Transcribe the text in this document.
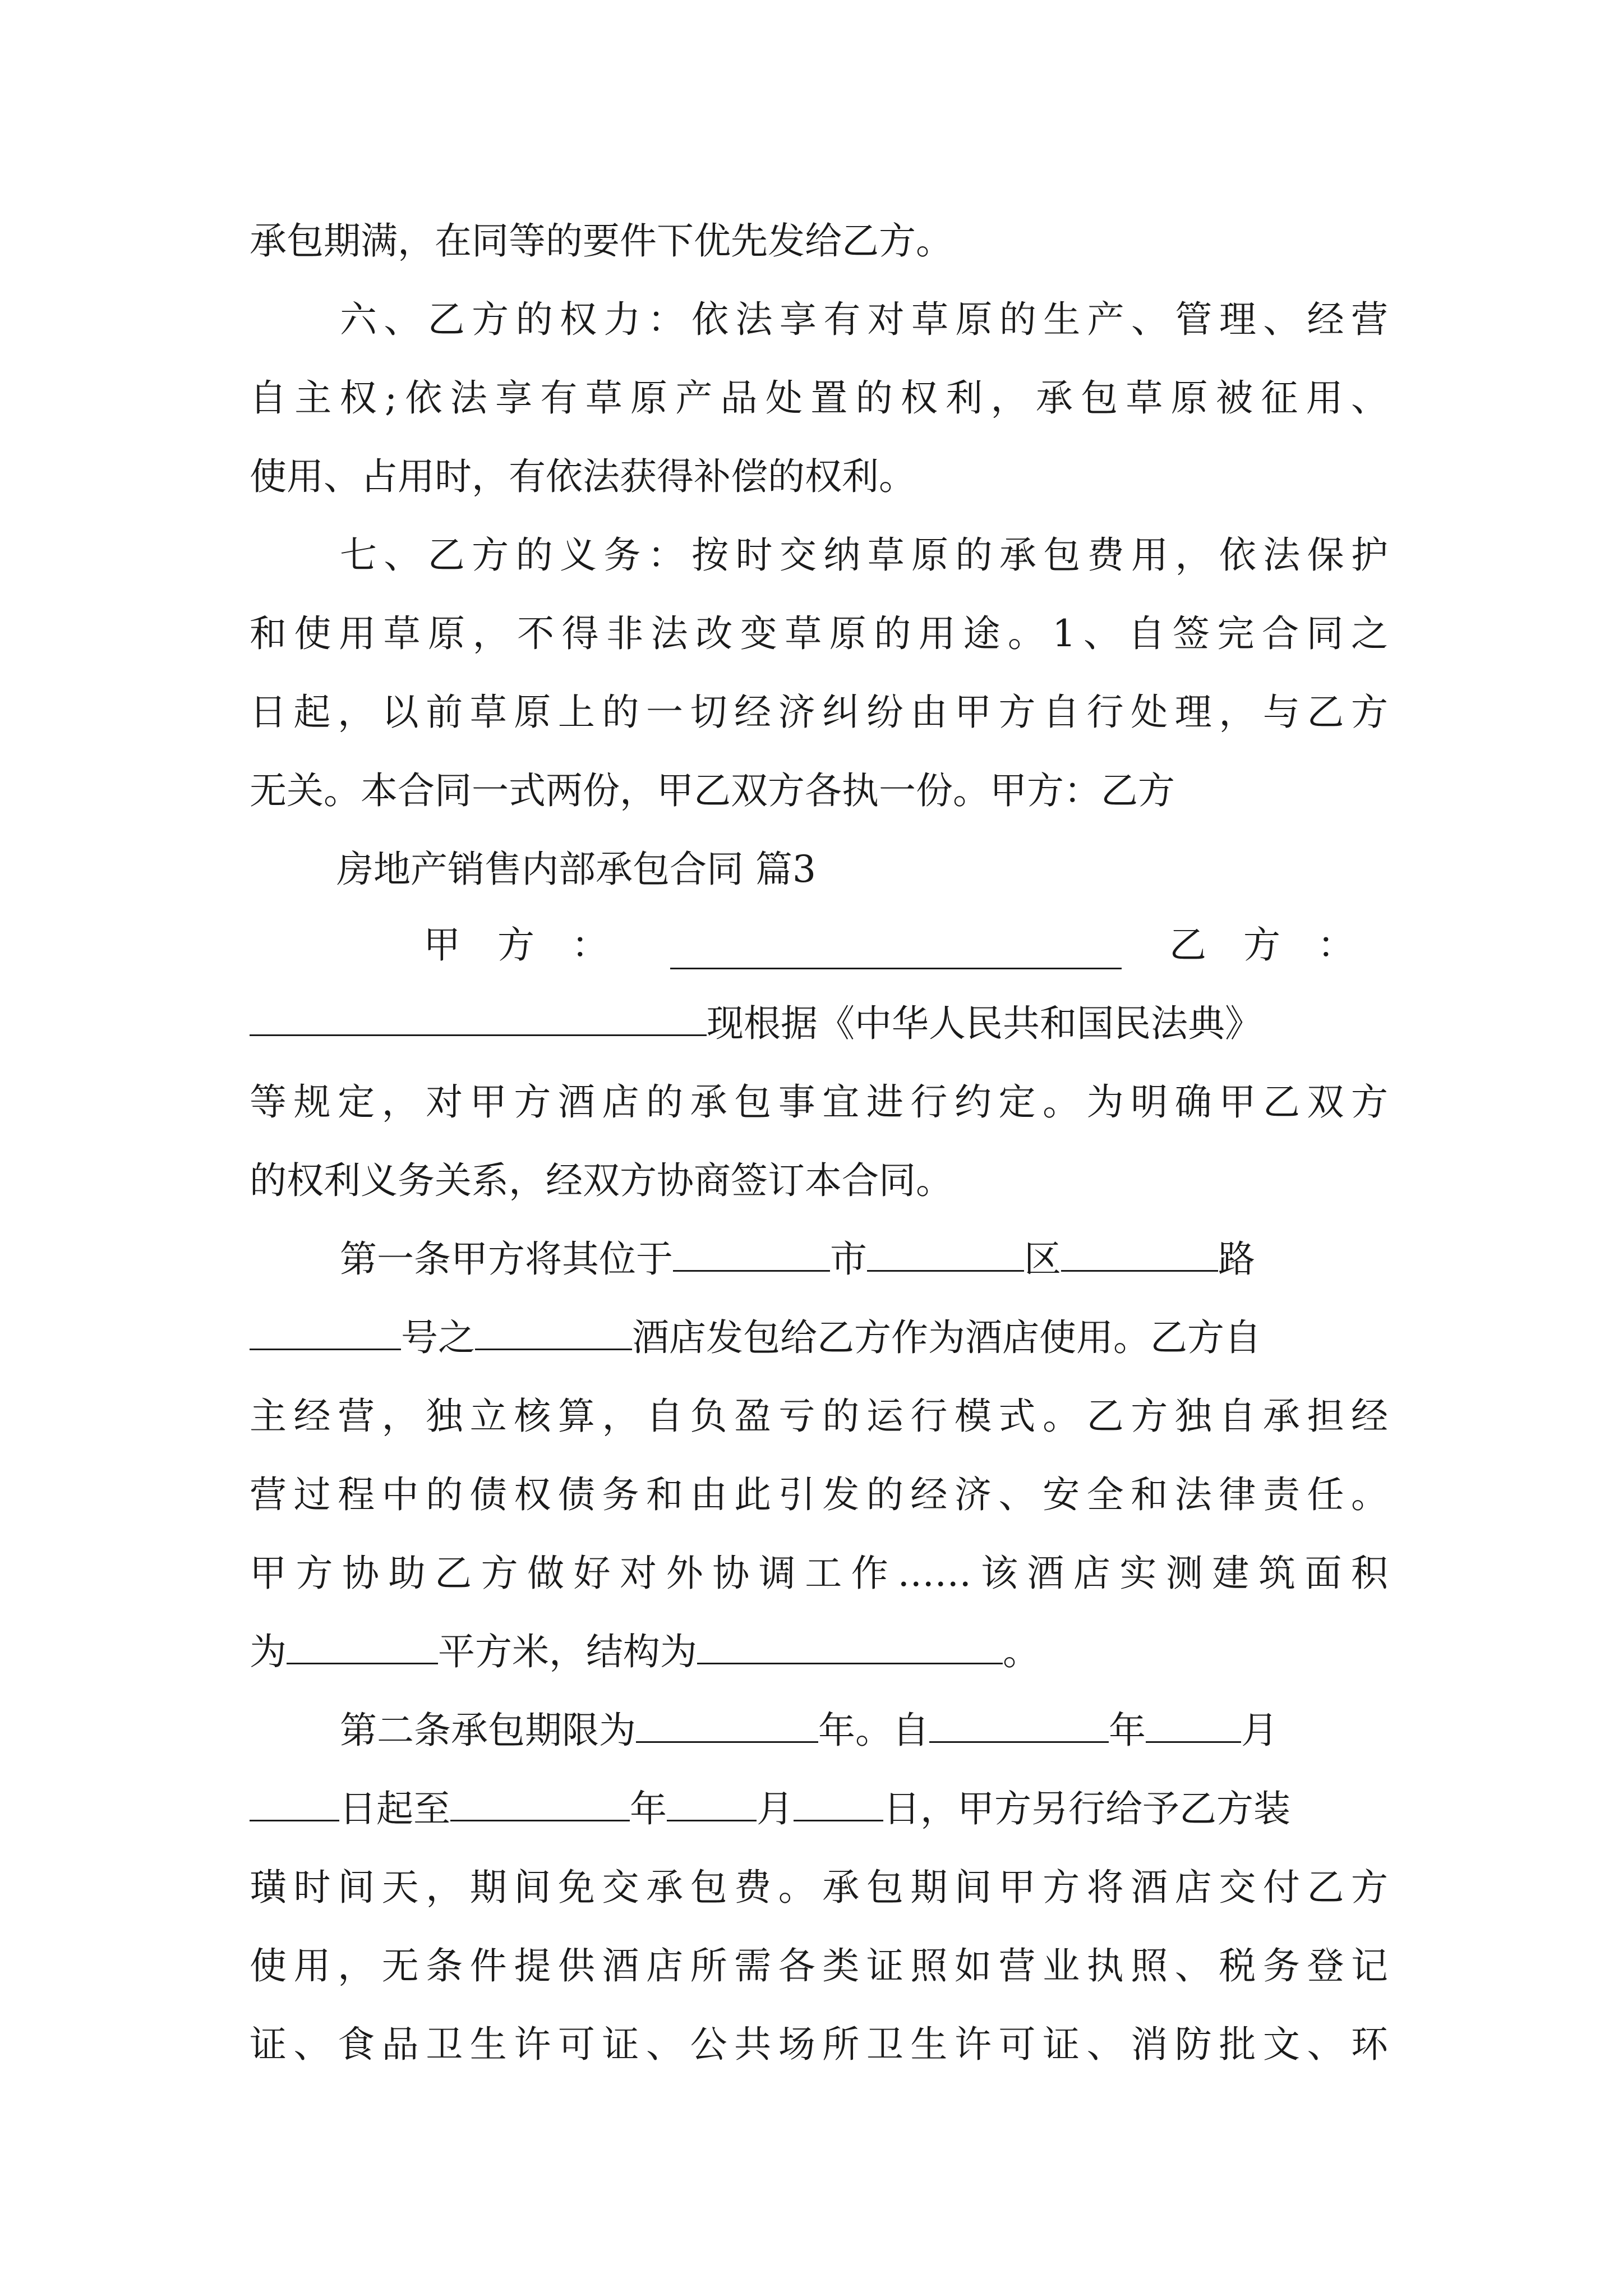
承包期满，在同等的要件下优先发给乙方。
六、乙方的权力：依法享有对草原的生产、管理、经营
自主权;依法享有草原产品处置的权利，承包草原被征用、
使用、占用时，有依法获得补偿的权利。
七、乙方的义务：按时交纳草原的承包费用，依法保护
和使用草原，不得非法改变草原的用途。1、自签完合同之
日起，以前草原上的一切经济纠纷由甲方自行处理，与乙方
无关。本合同一式两份，甲乙双方各执一份。甲方：乙方
房地产销售内部承包合同 篇3
甲　方　：	乙　方　：
现根据《中华人民共和国民法典》
等规定，对甲方酒店的承包事宜进行约定。为明确甲乙双方
的权利义务关系，经双方协商签订本合同。
第一条甲方将其位于	市	区	路
号之	酒店发包给乙方作为酒店使用。乙方自
主经营，独立核算，自负盈亏的运行模式。乙方独自承担经
营过程中的债权债务和由此引发的经济、安全和法律责任。
甲方协助乙方做好对外协调工作……该酒店实测建筑面积
为	平方米，结构为	。
第二条承包期限为	年。自	年	月
日起至	年 月 日，甲方另行给予乙方装
璜时间天，期间免交承包费。承包期间甲方将酒店交付乙方
使用，无条件提供酒店所需各类证照如营业执照、税务登记
证、食品卫生许可证、公共场所卫生许可证、消防批文、环
